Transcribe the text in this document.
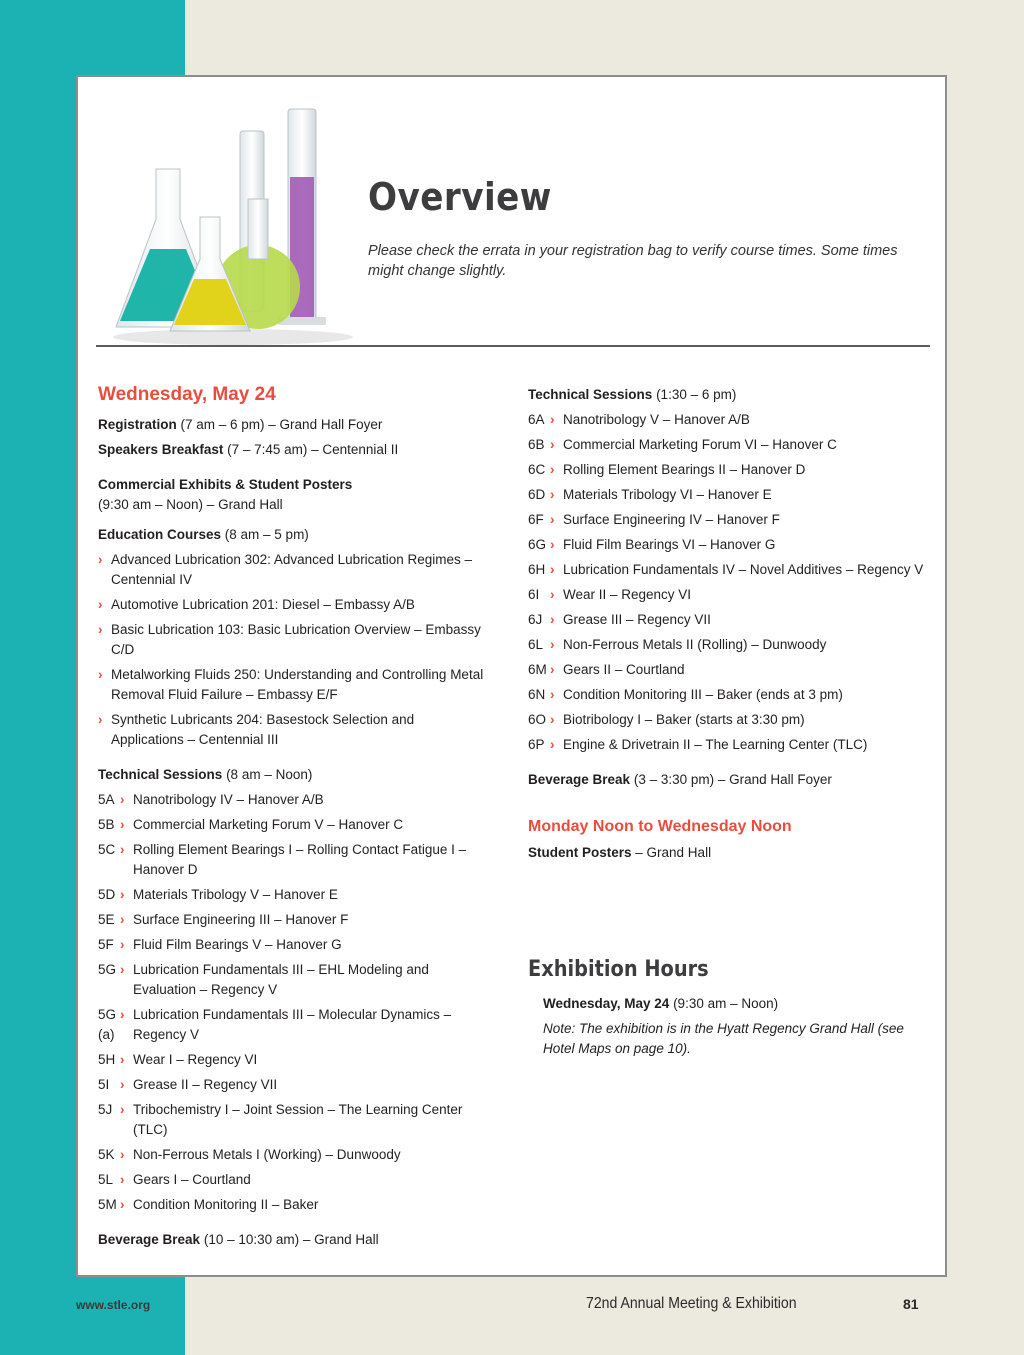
Overview
Please check the errata in your registration bag to verify course times. Some times might change slightly.
Wednesday, May 24
Registration (7 am – 6 pm) – Grand Hall Foyer
Speakers Breakfast (7 – 7:45 am) – Centennial II
Commercial Exhibits & Student Posters
(9:30 am – Noon) – Grand Hall
Education Courses (8 am – 5 pm)
› Advanced Lubrication 302: Advanced Lubrication Regimes – Centennial IV
› Automotive Lubrication 201: Diesel – Embassy A/B
› Basic Lubrication 103: Basic Lubrication Overview – Embassy C/D
› Metalworking Fluids 250: Understanding and Controlling Metal Removal Fluid Failure – Embassy E/F
› Synthetic Lubricants 204: Basestock Selection and Applications – Centennial III
Technical Sessions (8 am – Noon)
5A › Nanotribology IV – Hanover A/B
5B › Commercial Marketing Forum V – Hanover C
5C › Rolling Element Bearings I – Rolling Contact Fatigue I – Hanover D
5D › Materials Tribology V – Hanover E
5E › Surface Engineering III – Hanover F
5F › Fluid Film Bearings V – Hanover G
5G › Lubrication Fundamentals III – EHL Modeling and Evaluation – Regency V
5G (a)
› Lubrication Fundamentals III – Molecular Dynamics – Regency V
5H › Wear I – Regency VI
5I › Grease II – Regency VII
5J › Tribochemistry I – Joint Session – The Learning Center (TLC)
5K › Non-Ferrous Metals I (Working) – Dunwoody
5L › Gears I – Courtland
5M › Condition Monitoring II – Baker
Beverage Break (10 – 10:30 am) – Grand Hall
Technical Sessions (1:30 – 6 pm)
6A › Nanotribology V – Hanover A/B
6B › Commercial Marketing Forum VI – Hanover C
6C › Rolling Element Bearings II – Hanover D
6D › Materials Tribology VI – Hanover E
6F › Surface Engineering IV – Hanover F
6G › Fluid Film Bearings VI – Hanover G
6H › Lubrication Fundamentals IV – Novel Additives – Regency V
6I › Wear II – Regency VI
6J › Grease III – Regency VII
6L › Non-Ferrous Metals II (Rolling) – Dunwoody
6M › Gears II – Courtland
6N › Condition Monitoring III – Baker (ends at 3 pm)
6O › Biotribology I – Baker (starts at 3:30 pm)
6P › Engine & Drivetrain II – The Learning Center (TLC)
Beverage Break (3 – 3:30 pm) – Grand Hall Foyer
Monday Noon to Wednesday Noon
Student Posters – Grand Hall
Exhibition Hours
Wednesday, May 24 (9:30 am – Noon)
Note: The exhibition is in the Hyatt Regency Grand Hall (see Hotel Maps on page 10).
www.stle.org	72nd Annual Meeting & Exhibition	81
